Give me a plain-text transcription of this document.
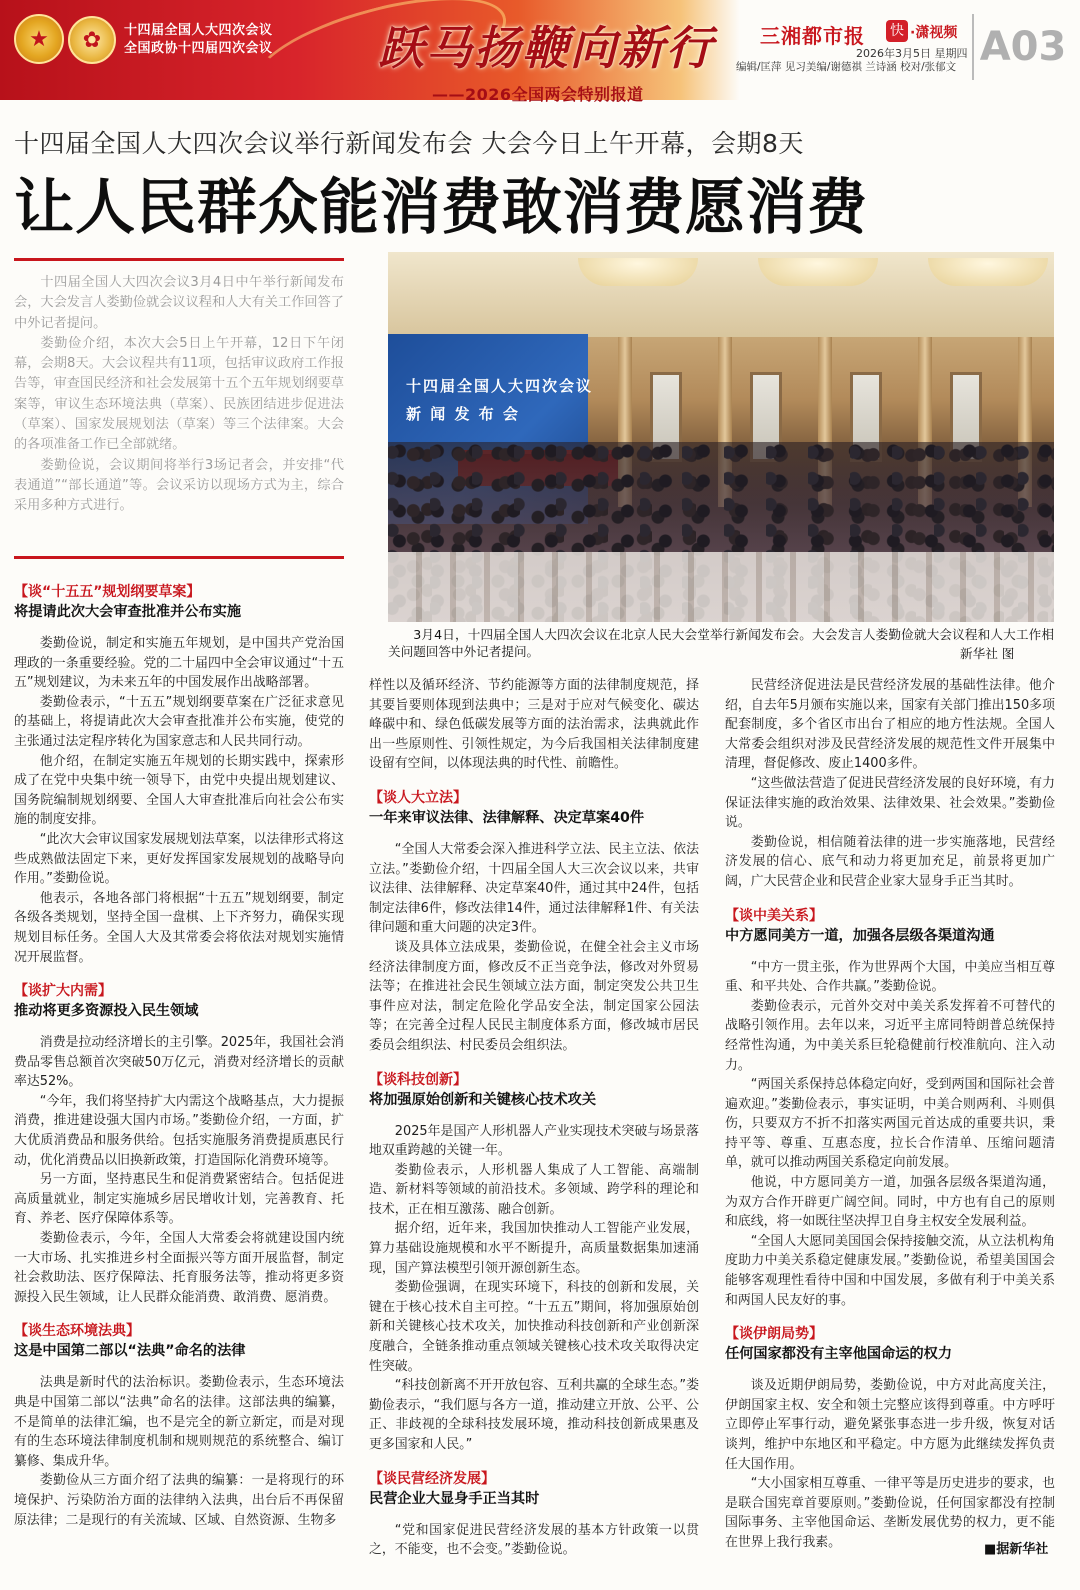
★	✿	十四届全国人大四次会议
全国政协十四届四次会议 跃马扬鞭向新行
——2026全国两会特别报道
三湘都市报 快 ·潇视频
2026年3月5日 星期四
编辑/匡萍 见习美编/谢德祺 兰诗涵 校对/张郁文 A03
十四届全国人大四次会议举行新闻发布会 大会今日上午开幕，会期8天
让人民群众能消费敢消费愿消费

十四届全国人大四次会议3月4日中午举行新闻发布会，大会发言人娄勤俭就会议议程和人大有关工作回答了中外记者提问。

娄勤俭介绍，本次大会5日上午开幕，12日下午闭幕，会期8天。大会议程共有11项，包括审议政府工作报告等，审查国民经济和社会发展第十五个五年规划纲要草案等，审议生态环境法典（草案）、民族团结进步促进法（草案）、国家发展规划法（草案）等三个法律案。大会的各项准备工作已全部就绪。

娄勤俭说，会议期间将举行3场记者会，并安排“代表通道”“部长通道”等。会议采访以现场方式为主，综合采用多种方式进行。

十四届全国人大四次会议
新 闻 发 布 会
3月4日，十四届全国人大四次会议在北京人民大会堂举行新闻发布会。大会发言人娄勤俭就大会议程和人大工作相关问题回答中外记者提问。	新华社 图
【谈“十五五”规划纲要草案】
将提请此次大会审查批准并公布实施

娄勤俭说，制定和实施五年规划，是中国共产党治国理政的一条重要经验。党的二十届四中全会审议通过“十五五”规划建议，为未来五年的中国发展作出战略部署。

娄勤俭表示，“十五五”规划纲要草案在广泛征求意见的基础上，将提请此次大会审查批准并公布实施，使党的主张通过法定程序转化为国家意志和人民共同行动。

他介绍，在制定实施五年规划的长期实践中，探索形成了在党中央集中统一领导下，由党中央提出规划建议、国务院编制规划纲要、全国人大审查批准后向社会公布实施的制度安排。

“此次大会审议国家发展规划法草案，以法律形式将这些成熟做法固定下来，更好发挥国家发展规划的战略导向作用。”娄勤俭说。

他表示，各地各部门将根据“十五五”规划纲要，制定各级各类规划，坚持全国一盘棋、上下齐努力，确保实现规划目标任务。全国人大及其常委会将依法对规划实施情况开展监督。

【谈扩大内需】
推动将更多资源投入民生领域

消费是拉动经济增长的主引擎。2025年，我国社会消费品零售总额首次突破50万亿元，消费对经济增长的贡献率达52%。

“今年，我们将坚持扩大内需这个战略基点，大力提振消费，推进建设强大国内市场。”娄勤俭介绍，一方面，扩大优质消费品和服务供给。包括实施服务消费提质惠民行动，优化消费品以旧换新政策，打造国际化消费环境等。

另一方面，坚持惠民生和促消费紧密结合。包括促进高质量就业，制定实施城乡居民增收计划，完善教育、托育、养老、医疗保障体系等。

娄勤俭表示，今年，全国人大常委会将就建设国内统一大市场、扎实推进乡村全面振兴等方面开展监督，制定社会救助法、医疗保障法、托育服务法等，推动将更多资源投入民生领域，让人民群众能消费、敢消费、愿消费。

【谈生态环境法典】
这是中国第二部以“法典”命名的法律

法典是新时代的法治标识。娄勤俭表示，生态环境法典是中国第二部以“法典”命名的法律。这部法典的编纂，不是简单的法律汇编，也不是完全的新立新定，而是对现有的生态环境法律制度机制和规则规范的系统整合、编订纂修、集成升华。

娄勤俭从三方面介绍了法典的编纂：一是将现行的环境保护、污染防治方面的法律纳入法典，出台后不再保留原法律；二是现行的有关流域、区域、自然资源、生物多

样性以及循环经济、节约能源等方面的法律制度规范，择其要旨要则体现到法典中；三是对于应对气候变化、碳达峰碳中和、绿色低碳发展等方面的法治需求，法典就此作出一些原则性、引领性规定，为今后我国相关法律制度建设留有空间，以体现法典的时代性、前瞻性。

【谈人大立法】
一年来审议法律、法律解释、决定草案40件

“全国人大常委会深入推进科学立法、民主立法、依法立法。”娄勤俭介绍，十四届全国人大三次会议以来，共审议法律、法律解释、决定草案40件，通过其中24件，包括制定法律6件，修改法律14件，通过法律解释1件、有关法律问题和重大问题的决定3件。

谈及具体立法成果，娄勤俭说，在健全社会主义市场经济法律制度方面，修改反不正当竞争法，修改对外贸易法等；在推进社会民生领域立法方面，制定突发公共卫生事件应对法，制定危险化学品安全法，制定国家公园法等；在完善全过程人民民主制度体系方面，修改城市居民委员会组织法、村民委员会组织法。

【谈科技创新】
将加强原始创新和关键核心技术攻关

2025年是国产人形机器人产业实现技术突破与场景落地双重跨越的关键一年。

娄勤俭表示，人形机器人集成了人工智能、高端制造、新材料等领域的前沿技术。多领域、跨学科的理论和技术，正在相互激荡、融合创新。

据介绍，近年来，我国加快推动人工智能产业发展，算力基础设施规模和水平不断提升，高质量数据集加速涌现，国产算法模型引领开源创新生态。

娄勤俭强调，在现实环境下，科技的创新和发展，关键在于核心技术自主可控。“十五五”期间，将加强原始创新和关键核心技术攻关，加快推动科技创新和产业创新深度融合，全链条推动重点领域关键核心技术攻关取得决定性突破。

“科技创新离不开开放包容、互利共赢的全球生态。”娄勤俭表示，“我们愿与各方一道，推动建立开放、公平、公正、非歧视的全球科技发展环境，推动科技创新成果惠及更多国家和人民。”

【谈民营经济发展】
民营企业大显身手正当其时

“党和国家促进民营经济发展的基本方针政策一以贯之，不能变，也不会变。”娄勤俭说。

民营经济促进法是民营经济发展的基础性法律。他介绍，自去年5月颁布实施以来，国家有关部门推出150多项配套制度，多个省区市出台了相应的地方性法规。全国人大常委会组织对涉及民营经济发展的规范性文件开展集中清理，督促修改、废止1400多件。

“这些做法营造了促进民营经济发展的良好环境，有力保证法律实施的政治效果、法律效果、社会效果。”娄勤俭说。

娄勤俭说，相信随着法律的进一步实施落地，民营经济发展的信心、底气和动力将更加充足，前景将更加广阔，广大民营企业和民营企业家大显身手正当其时。

【谈中美关系】
中方愿同美方一道，加强各层级各渠道沟通

“中方一贯主张，作为世界两个大国，中美应当相互尊重、和平共处、合作共赢。”娄勤俭说。

娄勤俭表示，元首外交对中美关系发挥着不可替代的战略引领作用。去年以来，习近平主席同特朗普总统保持经常性沟通，为中美关系巨轮稳健前行校准航向、注入动力。

“两国关系保持总体稳定向好，受到两国和国际社会普遍欢迎。”娄勤俭表示，事实证明，中美合则两利、斗则俱伤，只要双方不折不扣落实两国元首达成的重要共识，秉持平等、尊重、互惠态度，拉长合作清单、压缩问题清单，就可以推动两国关系稳定向前发展。

他说，中方愿同美方一道，加强各层级各渠道沟通，为双方合作开辟更广阔空间。同时，中方也有自己的原则和底线，将一如既往坚决捍卫自身主权安全发展利益。

“全国人大愿同美国国会保持接触交流，从立法机构角度助力中美关系稳定健康发展。”娄勤俭说，希望美国国会能够客观理性看待中国和中国发展，多做有利于中美关系和两国人民友好的事。

【谈伊朗局势】
任何国家都没有主宰他国命运的权力

谈及近期伊朗局势，娄勤俭说，中方对此高度关注，伊朗国家主权、安全和领土完整应该得到尊重。中方呼吁立即停止军事行动，避免紧张事态进一步升级，恢复对话谈判，维护中东地区和平稳定。中方愿为此继续发挥负责任大国作用。

“大小国家相互尊重、一律平等是历史进步的要求，也是联合国宪章首要原则。”娄勤俭说，任何国家都没有控制国际事务、主宰他国命运、垄断发展优势的权力，更不能在世界上我行我素。	■据新华社
